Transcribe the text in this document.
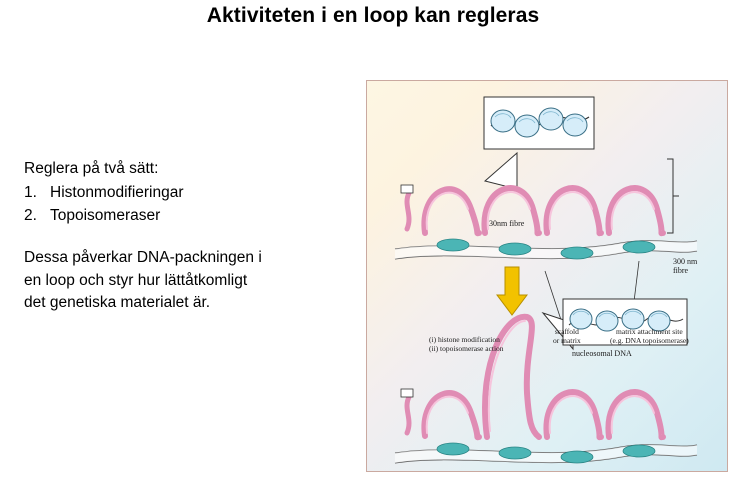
Aktiviteten i en loop kan regleras

Reglera på två sätt:

1. Histonmodifieringar
2. Topoisomeraser
Dessa påverkar DNA-packningen i
en loop och styr hur lättåtkomligt
det genetiska materialet är.
30nm fibre
300 nm
fibre
(i) histone modification
(ii) topoisomerase action
scaffold
or matrix
matrix attachment site
(e.g. DNA topoisomerase)
nucleosomal DNA
